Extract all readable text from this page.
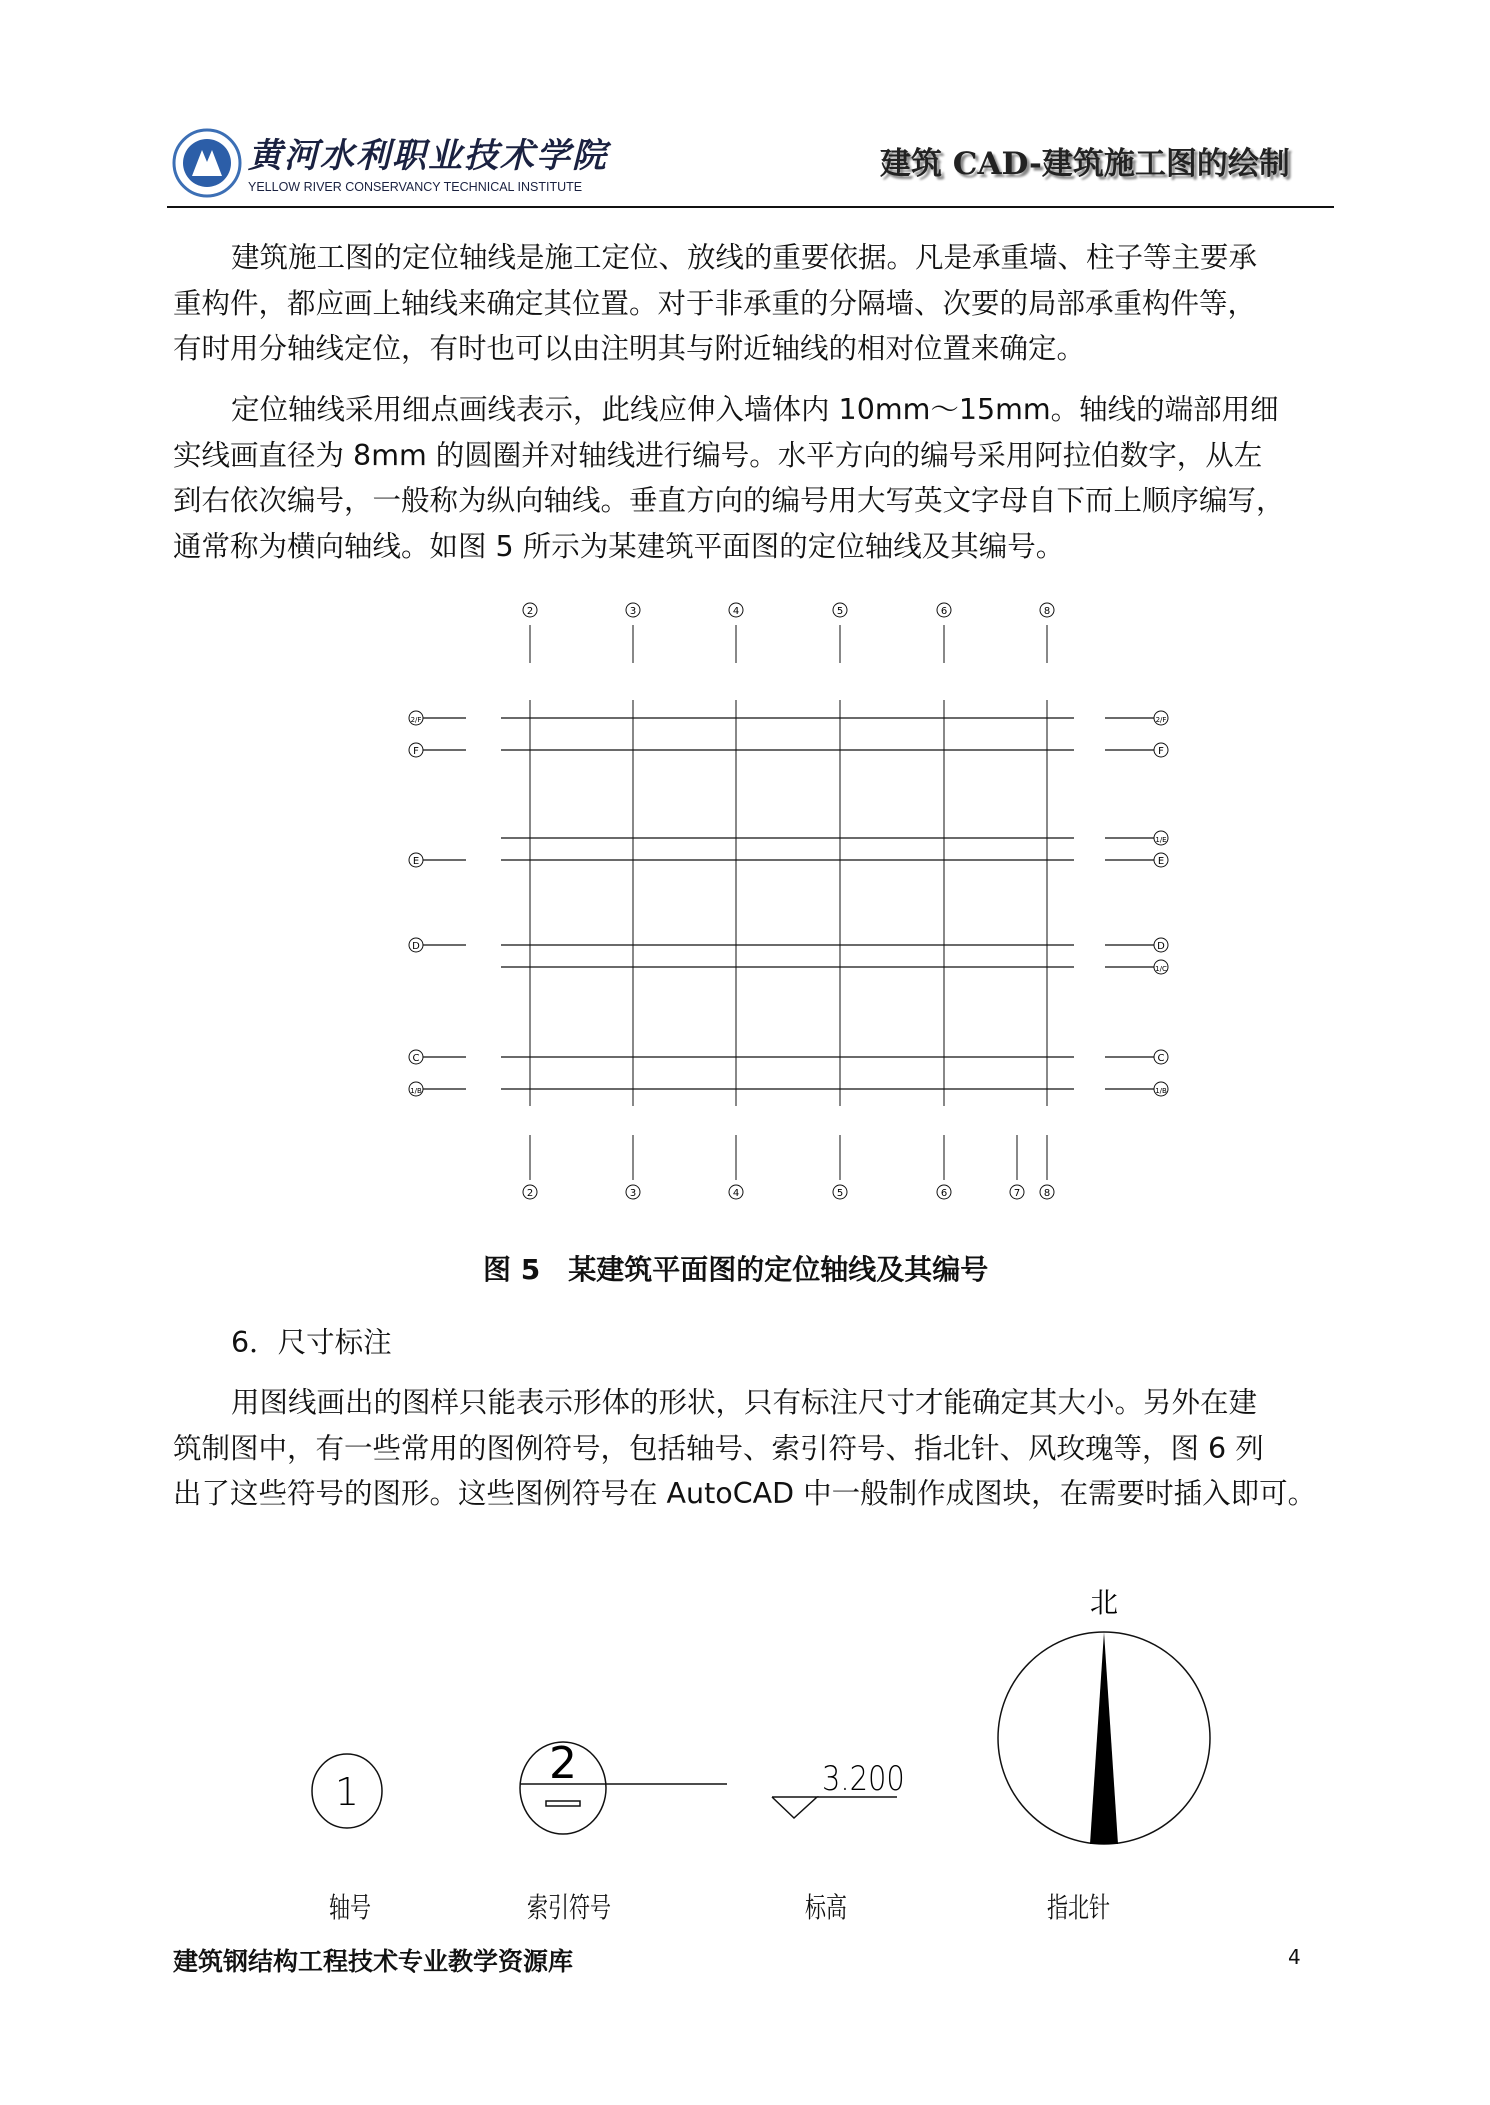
黄河水利职业技术学院
YELLOW RIVER CONSERVANCY TECHNICAL INSTITUTE
建筑 CAD-建筑施工图的绘制
建筑施工图的定位轴线是施工定位、放线的重要依据。凡是承重墙、柱子等主要承
重构件，都应画上轴线来确定其位置。对于非承重的分隔墙、次要的局部承重构件等，
有时用分轴线定位，有时也可以由注明其与附近轴线的相对位置来确定。
定位轴线采用细点画线表示，此线应伸入墙体内 10mm～15mm。轴线的端部用细
实线画直径为 8mm 的圆圈并对轴线进行编号。水平方向的编号采用阿拉伯数字，从左
到右依次编号，一般称为纵向轴线。垂直方向的编号用大写英文字母自下而上顺序编写，
通常称为横向轴线。如图 5 所示为某建筑平面图的定位轴线及其编号。
2	3	4	5	6	8
2	3	4	5	6	7 8
2/F
F
E
D
C
1/B
2/F
F
1/E
E
D
1/C
C
1/B
图 5　某建筑平面图的定位轴线及其编号
6．尺寸标注
用图线画出的图样只能表示形体的形状，只有标注尺寸才能确定其大小。另外在建
筑制图中，有一些常用的图例符号，包括轴号、索引符号、指北针、风玫瑰等，图 6 列
出了这些符号的图形。这些图例符号在 AutoCAD 中一般制作成图块，在需要时插入即可。
1
2	3.200
北
轴号	索引符号	标高	指北针
建筑钢结构工程技术专业教学资源库	4
